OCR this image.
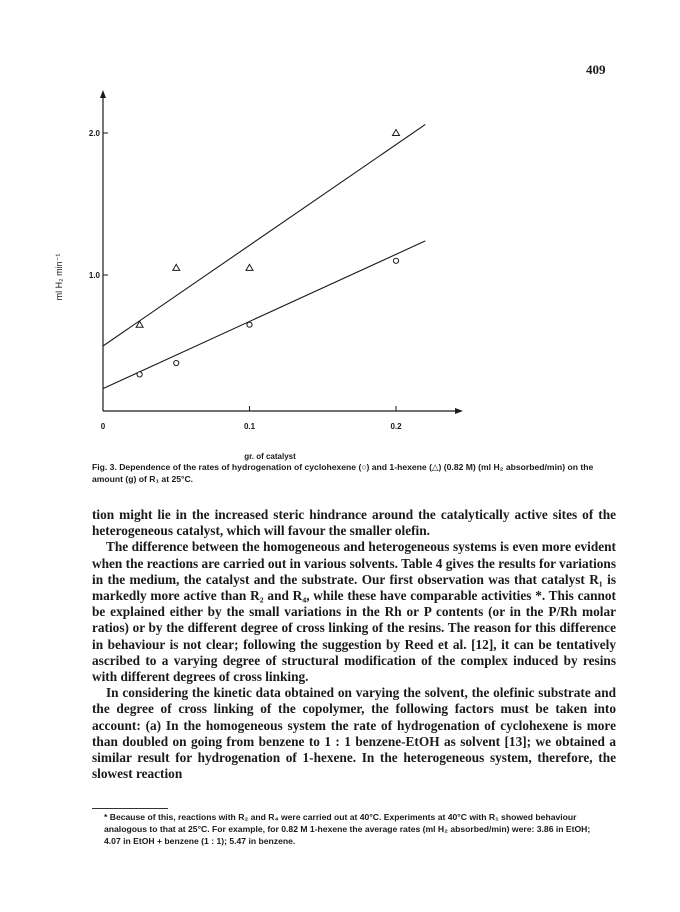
409
0	0.1	0.2
1.0
2.0
gr. of catalyst
ml H₂ min⁻¹
Fig. 3. Dependence of the rates of hydrogenation of cyclohexene (○) and 1-hexene (△) (0.82 M) (ml H₂ absorbed/min) on the amount (g) of R₁ at 25°C.

tion might lie in the increased steric hindrance around the catalytically active sites of the heterogeneous catalyst, which will favour the smaller olefin.

The difference between the homogeneous and heterogeneous systems is even more evident when the reactions are carried out in various solvents. Table 4 gives the results for variations in the medium, the catalyst and the substrate. Our first observation was that catalyst R₁ is markedly more active than R₂ and R₄, while these have comparable activities *. This cannot be explained either by the small variations in the Rh or P contents (or in the P/Rh molar ratios) or by the different degree of cross linking of the resins. The reason for this difference in behaviour is not clear; following the suggestion by Reed et al. [12], it can be tentatively ascribed to a varying degree of structural modification of the complex induced by resins with different degrees of cross linking.

In considering the kinetic data obtained on varying the solvent, the olefinic substrate and the degree of cross linking of the copolymer, the following factors must be taken into account: (a) In the homogeneous system the rate of hydrogenation of cyclohexene is more than doubled on going from benzene to 1 : 1 benzene-EtOH as solvent [13]; we obtained a similar result for hydrogenation of 1-hexene. In the heterogeneous system, therefore, the slowest reaction

* Because of this, reactions with R₂ and R₄ were carried out at 40°C. Experiments at 40°C with R₁ showed behaviour analogous to that at 25°C. For example, for 0.82 M 1-hexene the average rates (ml H₂ absorbed/min) were: 3.86 in EtOH; 4.07 in EtOH + benzene (1 : 1); 5.47 in benzene.
